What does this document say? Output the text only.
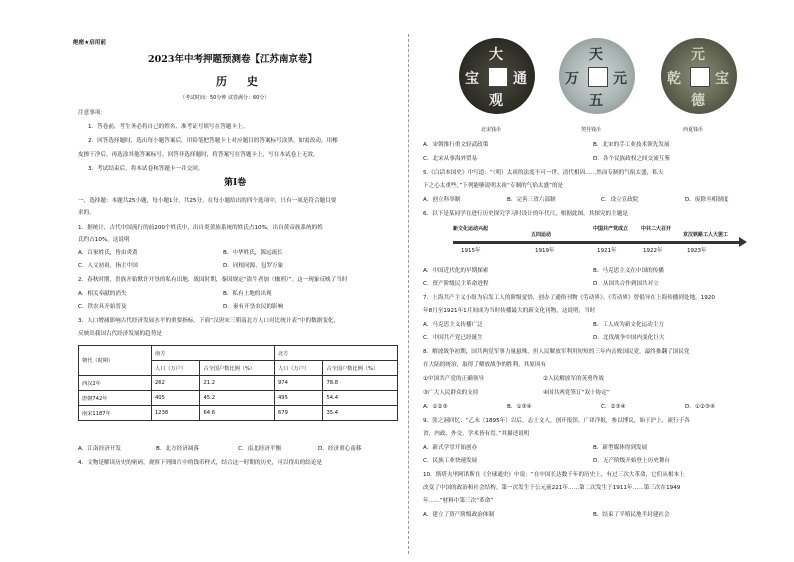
绝密★启用前
2023年中考押题预测卷【江苏南京卷】
历 史
（考试时间：50分钟 试卷满分：60分）
注意事项：
1．答卷前，考生务必将自己的姓名、准考证号填写在答题卡上。
2．回答选择题时，选出每小题答案后，用铅笔把答题卡上对应题目的答案标号涂黑。如需改动，用橡
皮擦干净后，再选涂其他答案标号。回答非选择题时，将答案写在答题卡上，写在本试卷上无效。
3．考试结束后，将本试卷和答题卡一并交回。
第Ⅰ卷
一、选择题：本题共25小题，每小题1分，共25分。在每小题给出的四个选项中，只有一项是符合题目要
求的。
1．据统计，古代中国流行的前200个姓氏中，出自炎黄族系统的姓氏占10%，出自黄帝族系统的姓
氏约占10%。这说明
A．百家姓氏，皆由炎黄	B．中华姓氏，源远流长
C．人文初祖，指主中国	D．同根同源，包罗万象
2．春秋时期，贵族开始默许开垦的私有田地，战国时期，秦国规定“盗牛者加（枷刑）”。这一现象反映了当时
A．相关奉献的消失	B．私有土地的出现
C．铁农具开始普及	D．秦有开垦农民的影响
3．人口增减影响古代经济发展水平的重要指标。下面“汉唐宋三朝南北方人口对比统计表”中的数据变化，
反映出我国古代经济发展的趋势是
朝代（时期）	南方		北方	
	人口（万户）	占全国户数比例（%）	人口（万户）	占全国户数比例（%）
西汉2年	262	21.2	974	78.8
唐朝742年	405	45.2	495	54.4
南宋1187年	1238	64.6	679	35.4
A．江南经济开发	B．北方经济凋落	C．南北经济平衡	D．经济重心南移
4．文物是解读历史的密码，观察下列图片中的钱币样式，结合这一时期的历史，可以得出的结论是
大
通
观
宝
天
元
五
万
元
宝
德
乾
北宋钱币	契丹钱币	西夏钱币
A．宋朝推行重文轻武政策	B．北宋的手工业技术领先发展
C．北宋从事海外贸易	D．各个民族政权之间交流互鉴
5.《白话本国史》中写道：“（明）太祖的法度不可一世，清代相因……然而专制的气焰太盛，私天
下之心太重些，”下列能够说明太祖“专制的气焰太盛”的是
A．创立科举制	B．完善三省六部制	C．设立宣政院	D．废除丞相制度
6．以下是某同学在进行历史探究学习时设计的年代尺，根据此图，其探究的主题是
新文化运动兴起
1915年
五四运动
1919年
中国共产党成立
1921年
中共二大召开
1922年
京汉铁路工人大罢工
1923年
A．中国近代化的早期探索	B．马克思主义在中国的传播
C．资产阶级民主革命进程	D．从国共合作到国共对立
7．上海共产主义小组为启发工人的阶级觉悟，创办了通俗刊物《劳动界》。《劳动界》曾倡导在上海传播到处地，1920
年8月至1921年1月间成为当时传播最大的新文化刊物。这说明，当时
A．马克思主义传播广泛	B．工人成为新文化运动主力
C．中国共产党已经诞生	D．北伐战争中国内变化巨大
8．解放战争初期，国共两党军事力量悬殊，但人民解放军利用短短的三年内击败国民党，最终推翻了国民党
在大陆的统治，取得了解放战争的胜利。其原因有
①中国共产党的正确领导	②人民解放军的英勇作战
③广大人民群众的支持	④国共两党签订“双十协定”
A．①②③	B．①③④	C．②③④	D．①②③④
9．张之洞回忆：“乙未（1895年）以后，志士文人，创开报馆，广译洋报，参以博议，始于沪上，流行于各
省，内政、外交、学术皆有焉。”其描述说明
A．新式学堂开始创办	B．新型媒体得到发展
C．民族工业快速发展	D．无产阶级开始登上历史舞台
10．斯塔夫里阿诺斯在《全球通史》中说：“在中国长达数千年的历史上，有过三次大革命，它们从根本上
改变了中国的政治和社会结构。第一次发生于公元前221年……第二次发生于1911年……第三次在1949
年……”材料中第三次“革命”
A．建立了资产阶级政治体制	B．结束了半殖民地半封建社会
